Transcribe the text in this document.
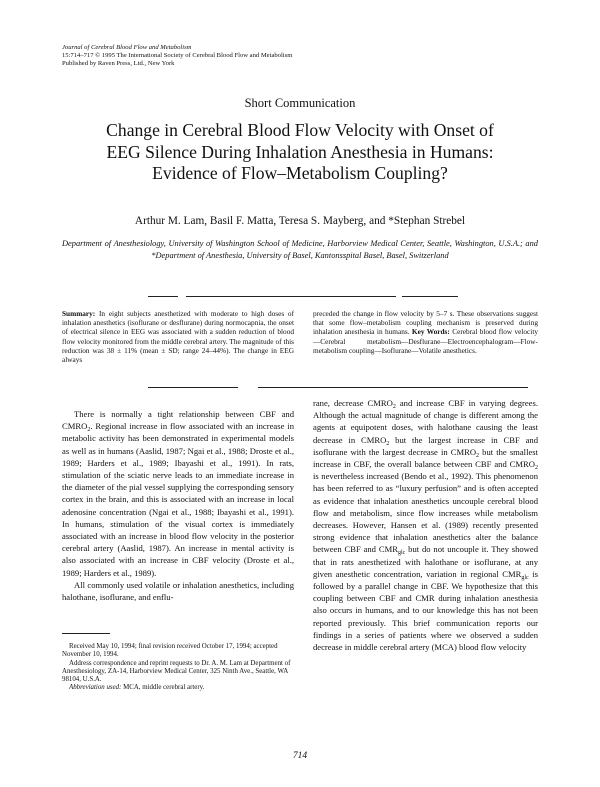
Journal of Cerebral Blood Flow and Metabolism
15:714–717 © 1995 The International Society of Cerebral Blood Flow and Metabolism
Published by Raven Press, Ltd., New York
Short Communication
Change in Cerebral Blood Flow Velocity with Onset of
EEG Silence During Inhalation Anesthesia in Humans:
Evidence of Flow–Metabolism Coupling?
Arthur M. Lam, Basil F. Matta, Teresa S. Mayberg, and *Stephan Strebel
Department of Anesthesiology, University of Washington School of Medicine, Harborview Medical Center, Seattle, Washington, U.S.A.; and *Department of Anesthesia, University of Basel, Kantonsspital Basel, Basel, Switzerland
Summary: In eight subjects anesthetized with moderate to high doses of inhalation anesthetics (isoflurane or desflurane) during normocapnia, the onset of electrical silence in EEG was associated with a sudden reduction of blood flow velocity monitored from the middle cerebral artery. The magnitude of this reduction was 38 ± 11% (mean ± SD; range 24–44%). The change in EEG always
preceded the change in flow velocity by 5–7 s. These observations suggest that some flow–metabolism coupling mechanism is preserved during inhalation anesthesia in humans. Key Words: Cerebral blood flow velocity—Cerebral metabolism—Desflurane—Electroencephalogram—Flow-metabolism coupling—Isoflurane—Volatile anesthetics.

There is normally a tight relationship between CBF and $CMRO_2$. Regional increase in flow associated with an increase in metabolic activity has been demonstrated in experimental models as well as in humans (Aaslid, 1987; Ngai et al., 1988; Droste et al., 1989; Harders et al., 1989; Ibayashi et al., 1991). In rats, stimulation of the sciatic nerve leads to an immediate increase in the diameter of the pial vessel supplying the corresponding sensory cortex in the brain, and this is associated with an increase in local adenosine concentration (Ngai et al., 1988; Ibayashi et al., 1991). In humans, stimulation of the visual cortex is immediately associated with an increase in blood flow velocity in the posterior cerebral artery (Aaslid, 1987). An increase in mental activity is also associated with an increase in CBF velocity (Droste et al., 1989; Harders et al., 1989).

All commonly used volatile or inhalation anesthetics, including halothane, isoflurane, and enflu-

rane, decrease $CMRO_2$ and increase CBF in varying degrees. Although the actual magnitude of change is different among the agents at equipotent doses, with halothane causing the least decrease in $CMRO_2$ but the largest increase in CBF and isoflurane with the largest decrease in $CMRO_2$ but the smallest increase in CBF, the overall balance between CBF and $CMRO_2$ is nevertheless increased (Bendo et al., 1992). This phenomenon has been referred to as “luxury perfusion” and is often accepted as evidence that inhalation anesthetics uncouple cerebral blood flow and metabolism, since flow increases while metabolism decreases. However, Hansen et al. (1989) recently presented strong evidence that inhalation anesthetics alter the balance between CBF and $CMR_{glc}$ but do not uncouple it. They showed that in rats anesthetized with halothane or isoflurane, at any given anesthetic concentration, variation in regional $CMR_{glc}$ is followed by a parallel change in CBF. We hypothesize that this coupling between CBF and CMR during inhalation anesthesia also occurs in humans, and to our knowledge this has not been reported previously. This brief communication reports our findings in a series of patients where we observed a sudden decrease in middle cerebral artery (MCA) blood flow velocity

Received May 10, 1994; final revision received October 17, 1994; accepted November 10, 1994.

Address correspondence and reprint requests to Dr. A. M. Lam at Department of Anesthesiology, ZA-14, Harborview Medical Center, 325 Ninth Ave., Seattle, WA 98104, U.S.A.

Abbreviation used: MCA, middle cerebral artery.

714
